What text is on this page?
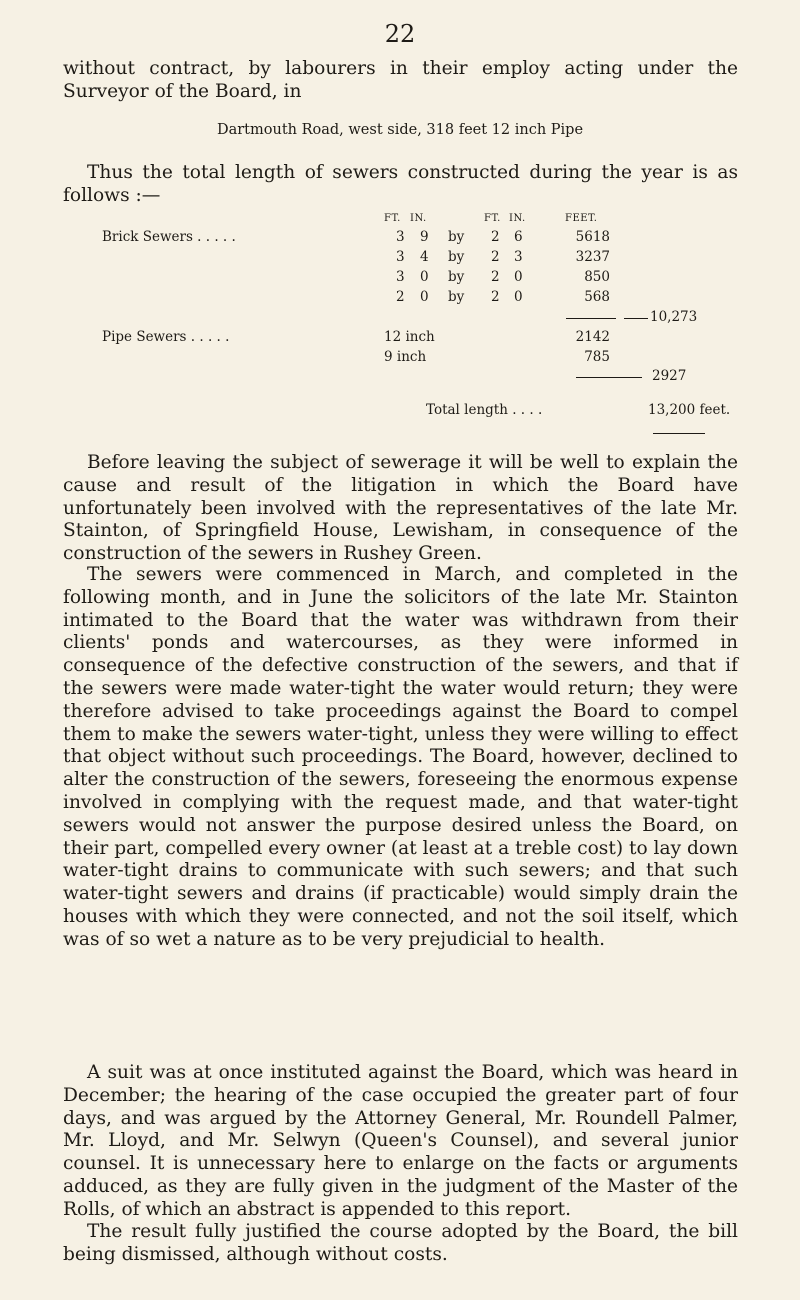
22

without contract, by labourers in their employ acting under the Surveyor of the Board, in

Dartmouth Road, west side, 318 feet 12 inch Pipe

Thus the total length of sewers constructed during the year is as follows :—

FT. IN.	FT. IN.	FEET.
Brick Sewers . . . . .	3 9 by 2 6	5618
3 4 by 2 3	3237
3 0 by 2 0	850
2 0 by 2 0	568
10,273
Pipe Sewers . . . . .	12 inch	2142
9 inch	785
2927
Total length . . . .	13,200 feet.

Before leaving the subject of sewerage it will be well to explain the cause and result of the litigation in which the Board have unfortunately been involved with the representatives of the late Mr. Stainton, of Springfield House, Lewisham, in consequence of the construction of the sewers in Rushey Green.

The sewers were commenced in March, and completed in the following month, and in June the solicitors of the late Mr. Stainton intimated to the Board that the water was withdrawn from their clients' ponds and watercourses, as they were informed in consequence of the defective construction of the sewers, and that if the sewers were made water-tight the water would return; they were therefore advised to take proceedings against the Board to compel them to make the sewers water-tight, unless they were willing to effect that object without such proceedings. The Board, however, declined to alter the construction of the sewers, foreseeing the enormous expense involved in complying with the request made, and that water-tight sewers would not answer the purpose desired unless the Board, on their part, compelled every owner (at least at a treble cost) to lay down water-tight drains to communicate with such sewers; and that such water-tight sewers and drains (if practicable) would simply drain the houses with which they were connected, and not the soil itself, which was of so wet a nature as to be very prejudicial to health.

A suit was at once instituted against the Board, which was heard in December; the hearing of the case occupied the greater part of four days, and was argued by the Attorney General, Mr. Roundell Palmer, Mr. Lloyd, and Mr. Selwyn (Queen's Counsel), and several junior counsel. It is unnecessary here to enlarge on the facts or arguments adduced, as they are fully given in the judgment of the Master of the Rolls, of which an abstract is appended to this report.

The result fully justified the course adopted by the Board, the bill being dismissed, although without costs.
